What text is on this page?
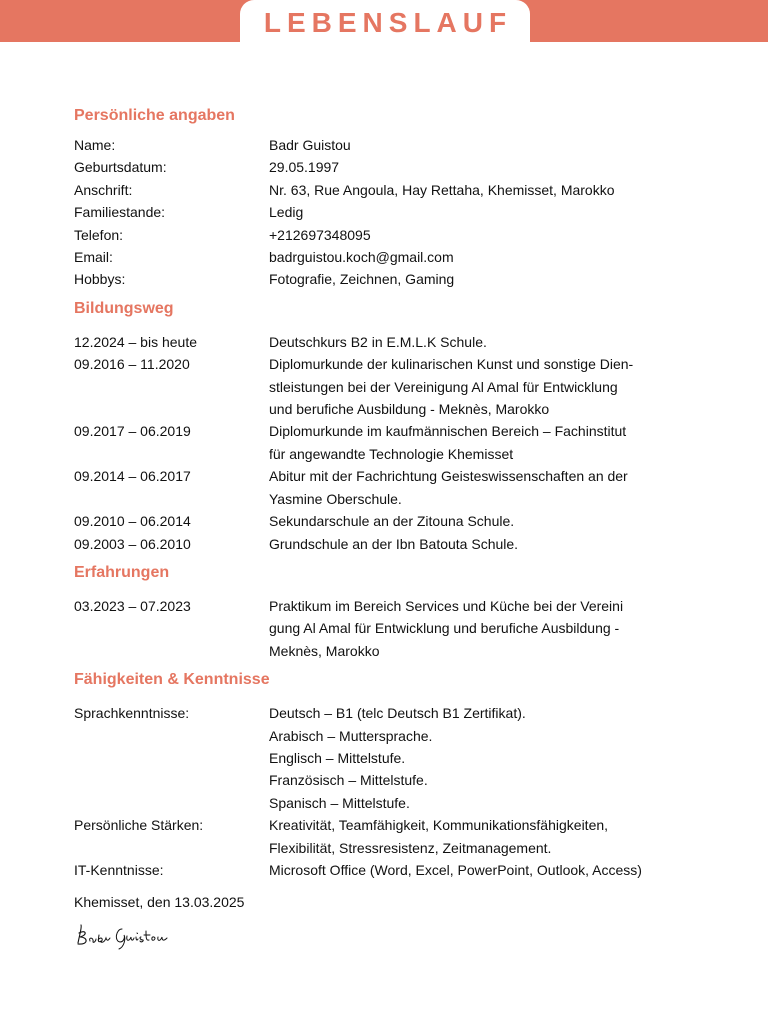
LEBENSLAUF
Persönliche angaben
Name:	Badr Guistou
Geburtsdatum:	29.05.1997
Anschrift:	Nr. 63, Rue Angoula, Hay Rettaha, Khemisset, Marokko
Familiestande:	Ledig
Telefon:	+212697348095
Email:	badrguistou.koch@gmail.com
Hobbys:	Fotografie, Zeichnen, Gaming
Bildungsweg
12.2024 – bis heute	Deutschkurs B2 in E.M.L.K Schule.

09.2016 – 11.2020	Diplomurkunde der kulinarischen Kunst und sonstige Dien-

stleistungen bei der Vereinigung Al Amal für Entwicklung

und berufiche Ausbildung - Meknès, Marokko

09.2017 – 06.2019	Diplomurkunde im kaufmännischen Bereich – Fachinstitut

für angewandte Technologie Khemisset

09.2014 – 06.2017	Abitur mit der Fachrichtung Geisteswissenschaften an der

Yasmine Oberschule.

09.2010 – 06.2014	Sekundarschule an der Zitouna Schule.

09.2003 – 06.2010	Grundschule an der Ibn Batouta Schule.

Erfahrungen
03.2023 – 07.2023	Praktikum im Bereich Services und Küche bei der Vereini

gung Al Amal für Entwicklung und berufiche Ausbildung -

Meknès, Marokko

Fähigkeiten & Kenntnisse
Sprachkenntnisse:	Deutsch – B1 (telc Deutsch B1 Zertifikat).

Arabisch – Muttersprache.

Englisch – Mittelstufe.

Französisch – Mittelstufe.

Spanisch – Mittelstufe.

Persönliche Stärken:	Kreativität, Teamfähigkeit, Kommunikationsfähigkeiten,

Flexibilität, Stressresistenz, Zeitmanagement.

IT-Kenntnisse:	Microsoft Office (Word, Excel, PowerPoint, Outlook, Access)

Khemisset, den 13.03.2025
